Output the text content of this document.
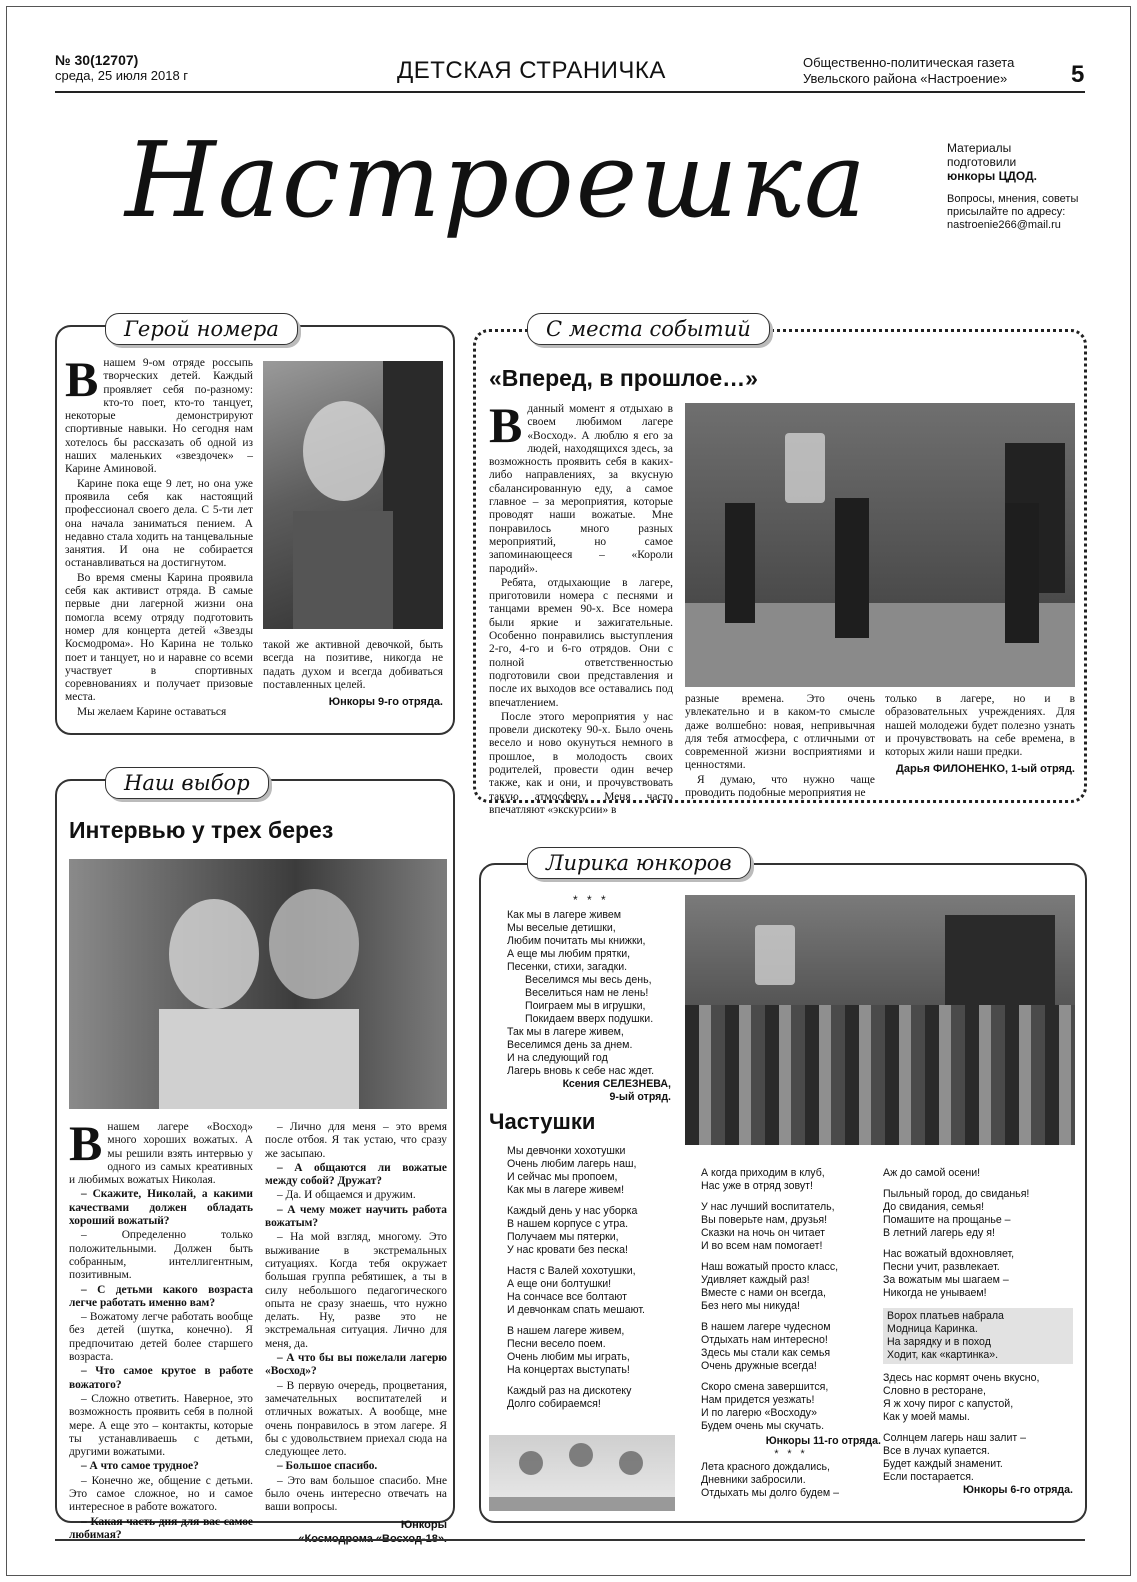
№ 30(12707)
среда, 25 июля 2018 г	ДЕТСКАЯ СТРАНИЧКА	Общественно-политическая газета
Увельского района «Настроение»	5
Настроешка	Материалы
подготовили
юнкоры ЦДОД.
Вопросы, мнения, советы
присылайте по адресу:
nastroenie266@mail.ru
Герой номера

Внашем 9-ом отряде россыпь творческих детей. Каждый проявляет себя по-разному: кто-то поет, кто-то танцует, некоторые демонстрируют спортивные навыки. Но сегодня нам хотелось бы рассказать об одной из наших маленьких «звездочек» – Карине Аминовой.

Карине пока еще 9 лет, но она уже проявила себя как настоящий профессионал своего дела. С 5-ти лет она начала заниматься пением. А недавно стала ходить на танцевальные занятия. И она не собирается останавливаться на достигнутом.

Во время смены Карина проявила себя как активист отряда. В самые первые дни лагерной жизни она помогла всему отряду подготовить номер для концерта детей «Звезды Космодрома». Но Карина не только поет и танцует, но и наравне со всеми участвует в спортивных соревнованиях и получает призовые места.

Мы желаем Карине оставаться

такой же активной девочкой, быть всегда на позитиве, никогда не падать духом и всегда добиваться поставленных целей.

Юнкоры 9-го отряда.

С места событий
«Вперед, в прошлое…»

Вданный момент я отдыхаю в своем любимом лагере «Восход». А люблю я его за людей, находящихся здесь, за возможность проявить себя в каких-либо направлениях, за вкусную сбалансированную еду, а самое главное – за мероприятия, которые проводят наши вожатые. Мне понравилось много разных мероприятий, но самое запоминающееся – «Короли пародий».

Ребята, отдыхающие в лагере, приготовили номера с песнями и танцами времен 90-х. Все номера были яркие и зажигательные. Особенно понравились выступления 2-го, 4-го и 6-го отрядов. Они с полной ответственностью подготовили свои представления и после их выходов все оставались под впечатлением.

После этого мероприятия у нас провели дискотеку 90-х. Было очень весело и ново окунуться немного в прошлое, в молодость своих родителей, провести один вечер также, как и они, и прочувствовать такую атмосферу. Меня часто впечатляют «экскурсии» в

разные времена. Это очень увлекательно и в каком-то смысле даже волшебно: новая, непривычная для тебя атмосфера, с отличными от современной жизни восприятиями и ценностями.

Я думаю, что нужно чаще проводить подобные мероприятия не

только в лагере, но и в образовательных учреждениях. Для нашей молодежи будет полезно узнать и прочувствовать на себе времена, в которых жили наши предки.

Дарья ФИЛОНЕНКО, 1-ый отряд.

Наш выбор
Интервью у трех берез

Внашем лагере «Восход» много хороших вожатых. А мы решили взять интервью у одного из самых креативных и любимых вожатых Николая.

– Скажите, Николай, а какими качествами должен обладать хороший вожатый?

– Определенно только положительными. Должен быть собранным, интеллигентным, позитивным.

– С детьми какого возраста легче работать именно вам?

– Вожатому легче работать вообще без детей (шутка, конечно). Я предпочитаю детей более старшего возраста.

– Что самое крутое в работе вожатого?

– Сложно ответить. Наверное, это возможность проявить себя в полной мере. А еще это – контакты, которые ты устанавливаешь с детьми, другими вожатыми.

– А что самое трудное?

– Конечно же, общение с детьми. Это самое сложное, но и самое интересное в работе вожатого.

– Какая часть дня для вас самое любимая?

– Лично для меня – это время после отбоя. Я так устаю, что сразу же засыпаю.

– А общаются ли вожатые между собой? Дружат?

– Да. И общаемся и дружим.

– А чему может научить работа вожатым?

– На мой взгляд, многому. Это выживание в экстремальных ситуациях. Когда тебя окружает большая группа ребятишек, а ты в силу небольшого педагогического опыта не сразу знаешь, что нужно делать. Ну, разве это не экстремальная ситуация. Лично для меня, да.

– А что бы вы пожелали лагерю «Восход»?

– В первую очередь, процветания, замечательных воспитателей и отличных вожатых. А вообще, мне очень понравилось в этом лагере. Я бы с удовольствием приехал сюда на следующее лето.

– Большое спасибо.

– Это вам большое спасибо. Мне было очень интересно отвечать на ваши вопросы.

Юнкоры

«Космодрома «Восход-18».

Лирика юнкоров
* * *
Как мы в лагере живем
Мы веселые детишки,
Любим почитать мы книжки,
А еще мы любим прятки,
Песенки, стихи, загадки.
Веселимся мы весь день,
Веселиться нам не лень!
Поиграем мы в игрушки,
Покидаем вверх подушки.
Так мы в лагере живем,
Веселимся день за днем.
И на следующий год
Лагерь вновь к себе нас ждет.
Ксения СЕЛЕЗНЕВА,
9-ый отряд.
Частушки
Мы девчонки хохотушки
Очень любим лагерь наш,
И сейчас мы пропоем,
Как мы в лагере живем!
Каждый день у нас уборка
В нашем корпусе с утра.
Получаем мы пятерки,
У нас кровати без песка!
Настя с Валей хохотушки,
А еще они болтушки!
На сончасе все болтают
И девчонкам спать мешают.
В нашем лагере живем,
Песни весело поем.
Очень любим мы играть,
На концертах выступать!
Каждый раз на дискотеку
Долго собираемся!
А когда приходим в клуб,
Нас уже в отряд зовут!
У нас лучший воспитатель,
Вы поверьте нам, друзья!
Сказки на ночь он читает
И во всем нам помогает!
Наш вожатый просто класс,
Удивляет каждый раз!
Вместе с нами он всегда,
Без него мы никуда!
В нашем лагере чудесном
Отдыхать нам интересно!
Здесь мы стали как семья
Очень дружные всегда!
Скоро смена завершится,
Нам придется уезжать!
И по лагерю «Восходу»
Будем очень мы скучать.
Юнкоры 11-го отряда.
* * *
Лета красного дождались,
Дневники забросили.
Отдыхать мы долго будем –
Аж до самой осени!
Пыльный город, до свиданья!
До свидания, семья!
Помашите на прощанье –
В летний лагерь еду я!
Нас вожатый вдохновляет,
Песни учит, развлекает.
За вожатым мы шагаем –
Никогда не унываем!
Ворох платьев набрала
Модница Каринка.
На зарядку и в поход
Ходит, как «картинка».
Здесь нас кормят очень вкусно,
Словно в ресторане,
Я ж хочу пирог с капустой,
Как у моей мамы.
Солнцем лагерь наш залит –
Все в лучах купается.
Будет каждый знаменит.
Если постарается.
Юнкоры 6-го отряда.
